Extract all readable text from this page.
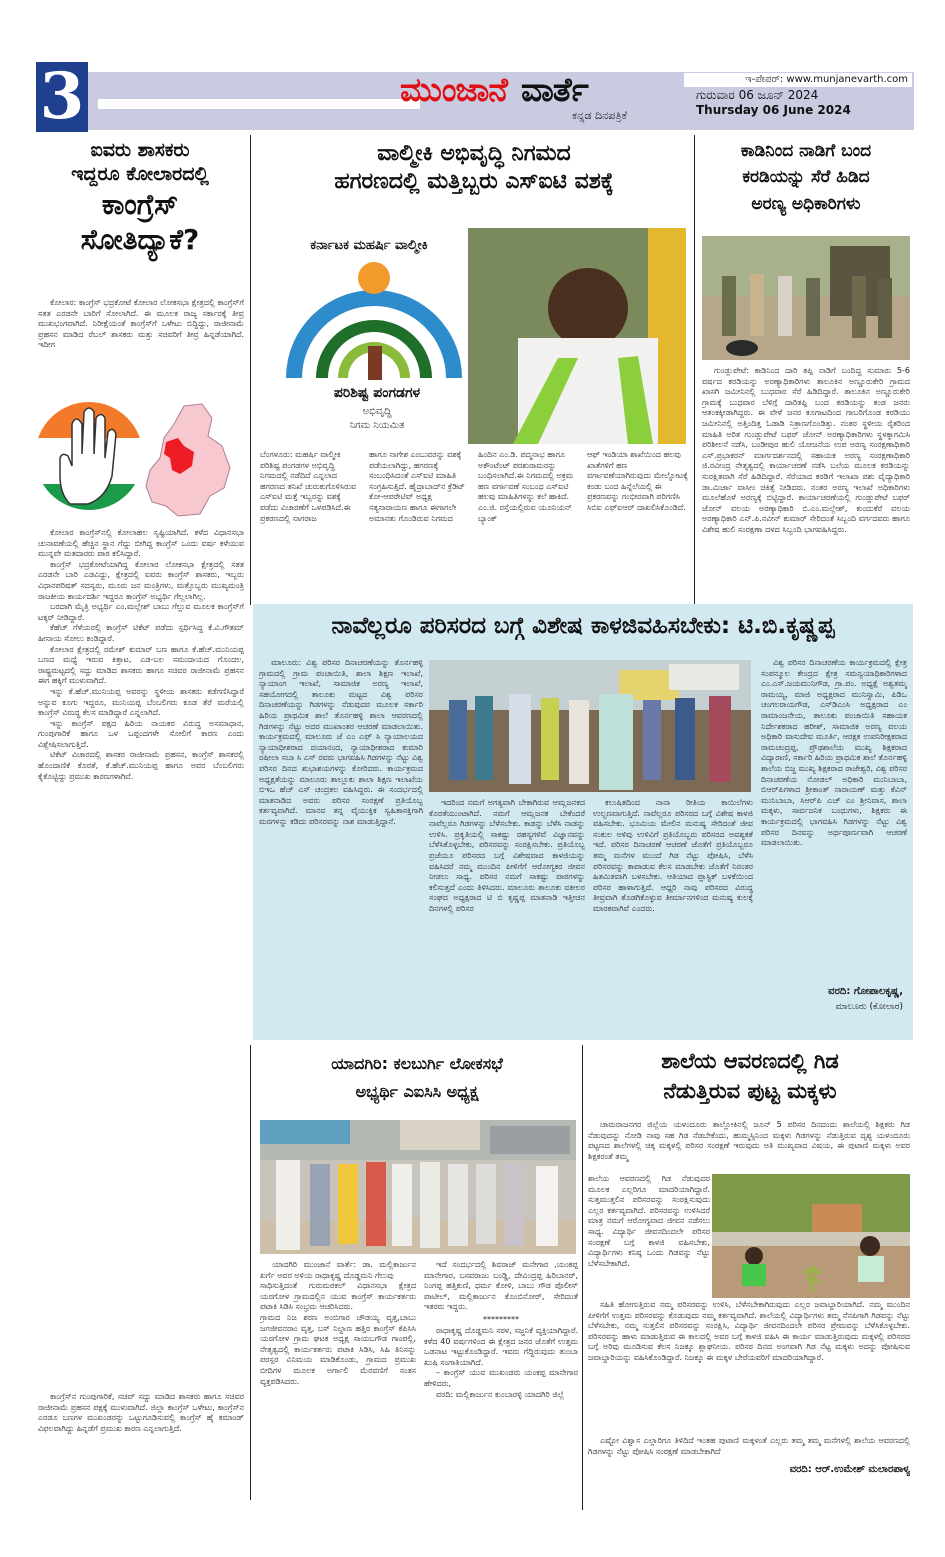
3	ಮುಂಜಾನೆ ವಾರ್ತೆ
ಕನ್ನಡ ದಿನಪತ್ರಿಕೆ
ಇ-ಪೇಪರ್: www.munjanevarth.com
ಗುರುವಾರ 06 ಜೂನ್ 2024
Thursday 06 June 2024
ಐವರು ಶಾಸಕರು
ಇದ್ದರೂ ಕೋಲಾರದಲ್ಲಿ
ಕಾಂಗ್ರೆಸ್
ಸೋತಿದ್ಯಾಕೆ?

ಕೋಲಾರ: ಕಾಂಗ್ರೆಸ್ ಭದ್ರಕೋಟೆ ಕೋಲಾರ ಲೋಕಸಭಾ ಕ್ಷೇತ್ರದಲ್ಲಿ ಕಾಂಗ್ರೆಸ್‌ಗೆ ಸತತ ಎರಡನೇ ಬಾರಿಗೆ ಸೋಲಾಗಿದೆ. ಈ ಮೂಲಕ ರಾಜ್ಯ ಸರ್ಕಾರಕ್ಕೆ ತೀವ್ರ ಮುಖಭಂಗವಾಗಿದೆ. ನಿರೀಕ್ಷೆಯಂತೆ ಕಾಂಗ್ರೆಸ್‌ಗೆ ಒಳೇಟು ಬಿದ್ದಿದ್ದು, ರಾಜೀನಾಮೆ ಪ್ರಹಸನ ಮಾಡಿದ ರೆಬಲ್ ಶಾಸಕರು ಮತ್ತು ಸಚಿವರಿಗೆ ತೀವ್ರ ಹಿನ್ನಡೆಯಾಗಿದೆ. ಇದೀಗ

ಕೋಲಾರ ಕಾಂಗ್ರೆಸ್‌ನಲ್ಲಿ ಕೋಲಾಹಲ ಸೃಷ್ಟಿಯಾಗಿದೆ. ಕಳೆದ ವಿಧಾನಸಭಾ ಚುನಾವಣೆಯಲ್ಲಿ ಹೆಚ್ಚಿನ ಸ್ಥಾನ ಗೆದ್ದು ಬೀಗಿದ್ದ ಕಾಂಗ್ರೆಸ್ ಒಂದು ವರ್ಷ ಕಳೆಯುವ ಮುನ್ನವೇ ಮತದಾರರು ಪಾಠ ಕಲಿಸಿದ್ದಾರೆ.

ಕಾಂಗ್ರೆಸ್ ಭದ್ರಕೋಟೆಯಾಗಿದ್ದ ಕೋಲಾರ ಲೋಕಸಭಾ ಕ್ಷೇತ್ರದಲ್ಲಿ ಸತತ ಎರಡನೇ ಬಾರಿ ಎಡವಿದ್ದು, ಕ್ಷೇತ್ರದಲ್ಲಿ ಐವರು ಕಾಂಗ್ರೆಸ್ ಶಾಸಕರು, ಇಬ್ಬರು ವಿಧಾನಪರಿಷತ್ ಸದಸ್ಯರು, ಮೂರು ಜನ ಮಂತ್ರಿಗಳು, ಮತ್ತೊಬ್ಬರು ಮುಖ್ಯಮಂತ್ರಿ ರಾಜಕೀಯ ಕಾರ್ಯದರ್ಶಿ ಇದ್ದರೂ ಕಾಂಗ್ರೆಸ್ ಅಭ್ಯರ್ಥಿ ಗೆಲ್ಲಲಾಗಿಲ್ಲ.

ಬರದಾಗಿ ಮೈತ್ರಿ ಅಭ್ಯರ್ಥಿ ಎಂ.ಮಲ್ಲೇಶ್ ಬಾಬು ಗೆಲ್ಲುವ ಮೂಲಕ ಕಾಂಗ್ರೆಸ್‌ಗೆ ಟಕ್ಕರ್ ನೀಡಿದ್ದಾರೆ.

ಕೆಹೆಚ್ ಗೆಳೆಯರಲ್ಲಿ ಕಾಂಗ್ರೆಸ್ ಟಿಕೆಟ್ ಪಡೆದು ಸ್ಪರ್ಧಿಸಿದ್ದ ಕೆ.ವಿ.ಗೌತಮ್ ಹೀನಾಯ ಸೋಲು ಕಂಡಿದ್ದಾರೆ.

ಕೋಲಾರ ಕ್ಷೇತ್ರದಲ್ಲಿ ರಮೇಶ್ ಕುಮಾರ್ ಬಣ ಹಾಗೂ ಕೆ.ಹೆಚ್.ಮುನಿಯಪ್ಪ ಬಣದ ಮಧ್ಯೆ ಇರುವ ಕಿತ್ತಾಟ, ಎಡ-ಬಲ ಸಮುದಾಯದ ಗೊಂದಲ, ರಾಷ್ಟ್ರಮಟ್ಟದಲ್ಲಿ ಸದ್ದು ಮಾಡಿದ ಶಾಸಕರು ಹಾಗೂ ಸಚಿವರ ರಾಜೀನಾಮೆ ಪ್ರಹಸನ ಈಗ ಹಕ್ಕಿಗೆ ಮುಳುವಾಗಿದೆ.

ಇನ್ನು ಕೆ.ಹೆಚ್.ಮುನಿಯಪ್ಪ ಅವರನ್ನು ಸ್ಥಳೀಯ ಶಾಸಕರು ಕಡೆಗಣಿಸಿದ್ದಾರೆ ಅನ್ನುವ ಕೂಗು ಇದ್ದರೂ, ಮುನಿಯಪ್ಪ ಬೆಂಬಲಿಗರು ಕೂಡ ತೆರೆ ಮರೆಯಲ್ಲಿ ಕಾಂಗ್ರೆಸ್ ವಿರುದ್ಧ ಕೆಲಸ ಮಾಡಿದ್ದಾರೆ ಎನ್ನಲಾಗಿದೆ.

ಇನ್ನು ಕಾಂಗ್ರೆಸ್ ಪಕ್ಷದ ಹಿರಿಯ ನಾಯಕರ ವಿರುದ್ಧ ಅಸಮಾಧಾನ, ಗುಂಪುಗಾರಿಕೆ ಹಾಗೂ ಒಳ ಒಪ್ಪಂದಗಳೇ ಸೋಲಿಗೆ ಕಾರಣ ಎಂದು ವಿಶ್ಲೇಷಿಸಲಾಗುತ್ತಿದೆ.

ಟಿಕೆಟ್ ವಿಚಾರದಲ್ಲಿ ಶಾಸಕರ ರಾಜೀನಾಮೆ ಪ್ರಹಸನ, ಕಾಂಗ್ರೆಸ್ ಶಾಸಕರಲ್ಲಿ ಹೊಂದಾಣಿಕೆ ಕೊರತೆ, ಕೆ.ಹೆಚ್.ಮುನಿಯಪ್ಪ ಹಾಗೂ ಅವರ ಬೆಂಬಲಿಗರು ಕೈಕೊಟ್ಟಿದ್ದು ಪ್ರಮುಖ ಕಾರಣಗಳಾಗಿವೆ.

ಕಾಂಗ್ರೆಸ್‌ನ ಗುಂಪುಗಾರಿಕೆ, ಸಚಿವ್ ಸದ್ದು ಮಾಡಿದ ಶಾಸಕರು ಹಾಗೂ ಸಚಿವರ ರಾಜೀನಾಮೆ ಪ್ರಹಸನ ಪಕ್ಷಕ್ಕೆ ಮುಳುವಾಗಿದೆ. ಜಿಲ್ಲಾ ಕಾಂಗ್ರೆಸ್ ಒಳೇಟು, ಕಾಂಗ್ರೆಸ್‌ನ ಎರಡೂ ಬಣಗಳ ಮುಖಂಡರನ್ನು ಒಟ್ಟುಗೂಡಿಸುವಲ್ಲಿ ಕಾಂಗ್ರೆಸ್ ಹೈ ಕಮಾಂಡ್ ವಿಫಲವಾಗಿದ್ದು ಹಿನ್ನಡೆಗೆ ಪ್ರಮುಖ ಕಾರಣ ಎನ್ನಲಾಗುತ್ತಿದೆ.

ವಾಲ್ಮೀಕಿ ಅಭಿವೃದ್ಧಿ ನಿಗಮದ
ಹಗರಣದಲ್ಲಿ ಮತ್ತಿಬ್ಬರು ಎಸ್‌ಐಟಿ ವಶಕ್ಕೆ
ಕರ್ನಾಟಕ ಮಹರ್ಷಿ ವಾಲ್ಮೀಕಿ
ಪರಿಶಿಷ್ಟ ಪಂಗಡಗಳ
ಅಭಿವೃದ್ಧಿ
ನಿಗಮ ನಿಯಮಿತ
ಬೆಂಗಳೂರು: ಮಹರ್ಷಿ ವಾಲ್ಮೀಕಿ ಪರಿಶಿಷ್ಟ ಪಂಗಡಗಳ ಅಭಿವೃದ್ಧಿ ನಿಗಮದಲ್ಲಿ ನಡೆದಿದೆ ಎನ್ನಲಾದ ಹಗರಣದ ತನಿಖೆ ಚುರುಕುಗೊಳಿಸಿರುವ ಎಸ್‌ಐಟಿ ಮತ್ತೆ ಇಬ್ಬರನ್ನು ವಶಕ್ಕೆ ಪಡೆದು ವಿಚಾರಣೆಗೆ ಒಳಪಡಿಸಿದೆ.ಈ ಪ್ರಕರಣದಲ್ಲಿ ನಾಗರಾಜ
ಹಾಗೂ ನಾಗೇಶ ಎಂಬುವರನ್ನು ವಶಕ್ಕೆ ಪಡೆಯಲಾಗಿದ್ದು, ಹಗರಣಕ್ಕೆ ಸಂಬಂಧಿಸಿದಂತೆ ಎಸ್‌ಐಟಿ ಮಾಹಿತಿ ಸಂಗ್ರಹಿಸುತ್ತಿದೆ. ಹೈದ್ರಾಬಾದ್‌ನ ಕ್ರೆಡಿಟ್ ಕೋ-ಆಪರೇಟಿವ್ ಅಧ್ಯಕ್ಷ ಸತ್ಯನಾರಾಯಣ ಹಾಗೂ ಈಗಾಗಲೇ ಅಮಾನತು ಗೊಂಡಿರುವ ನಿಗಮದ
ಹಿಂದಿನ ಎಂ.ಡಿ. ಪದ್ಮನಾಭ ಹಾಗೂ ಅಕೌಂಟೆಂಟ್ ಪರಶುರಾಮರನ್ನು ಬಂಧಿಸಲಾಗಿದೆ.ಈ ನಿಗಮದಲ್ಲಿ ಅಕ್ರಮ ಹಣ ವರ್ಗಾವಣೆ ಸಂಬಂಧ ಎಸ್‌ಐಟಿ ಹಲವು ಮಾಹಿತಿಗಳನ್ನು ಕಲೆ ಹಾಕಿದೆ. ಎಂ.ಜಿ. ರಸ್ತೆಯಲ್ಲಿರುವ ಯೂನಿಯನ್ ಬ್ಯಾಂಕ್
ಆಫ್ ಇಂಡಿಯಾ ಶಾಖೆಯಿಂದ ಹಲವು ಖಾತೆಗಳಿಗೆ ಹಣ ವರ್ಗಾವಣೆಯಾಗಿರುವುದು ಮೇಲ್ನೋಟಕ್ಕೆ ಕಂಡು ಬಂದ ಹಿನ್ನೆಲೆಯಲ್ಲಿ ಈ ಪ್ರಕರಣವನ್ನು ಗಂಭೀರವಾಗಿ ಪರಿಗಣಿಸಿ ಸಿಬಿಐ ಎಫ್‌ಐಆರ್ ದಾಖಲಿಸಿಕೊಂಡಿದೆ.
ಕಾಡಿನಿಂದ ನಾಡಿಗೆ ಬಂದ
ಕರಡಿಯನ್ನು ಸೆರೆ ಹಿಡಿದ
ಅರಣ್ಯ ಅಧಿಕಾರಿಗಳು

ಗುಂಡ್ಲುಪೇಟೆ: ಕಾಡಿನಿಂದ ದಾರಿ ತಪ್ಪಿ ನಾಡಿಗೆ ಬಂದಿದ್ದ ಸುಮಾರು 5-6 ವರ್ಷದ ಕರಡಿಯನ್ನು ಅರಣ್ಯಾಧಿಕಾರಿಗಳು ತಾಲೂಕಿನ ಅಣ್ಣೂರುಕೇರಿ ಗ್ರಾಮದ ಖಾಸಗಿ ಜಮೀನಿನಲ್ಲಿ ಬುಧವಾರ ಸೆರೆ ಹಿಡಿದಿದ್ದಾರೆ. ತಾಲೂಕಿನ ಅಣ್ಣೂರುಕೇರಿ ಗ್ರಾಮಕ್ಕೆ ಬುಧವಾರ ಬೆಳಿಗ್ಗೆ ದಾರಿತಪ್ಪಿ ಬಂದ ಕರಡಿಯನ್ನು ಕಂಡ ಜನರು ಆತಂಕಕ್ಕೀಡಾಗಿದ್ದರು. ಈ ವೇಳೆ ಜನರ ಕೂಗಾಟದಿಂದ ಗಾಬರಿಗೊಂಡ ಕರಡಿಯು ಜಮೀನಿನಲ್ಲಿ ಅತ್ತಿಂದಿತ್ತ ಓಡಾಡಿ ನಿತ್ರಾಣಗೊಂಡಿತ್ತು. ನಂತರ ಸ್ಥಳೀಯ ರೈತರಿಂದ ಮಾಹಿತಿ ಅರಿತ ಗುಂಡ್ಲುಪೇಟೆ ಬಫರ್ ಜೋನ್ ಅರಣ್ಯಾಧಿಕಾರಿಗಳು ಸ್ಥಳಕ್ಕಾಗಮಿಸಿ ಪರಿಶೀಲನೆ ನಡೆಸಿ, ಬಂಡೀಪುರ ಹುಲಿ ಯೋಜನೆಯ ಉಪ ಅರಣ್ಯ ಸಂರಕ್ಷಣಾಧಿಕಾರಿ ಎಸ್.ಪ್ರಭಾಕರನ್ ಮಾರ್ಗದರ್ಶನದಲ್ಲಿ ಸಹಾಯಕ ಅರಣ್ಯ ಸಂರಕ್ಷಣಾಧಿಕಾರಿ ಜಿ.ರವೀಂದ್ರ ನೇತೃತ್ವದಲ್ಲಿ ಕಾರ್ಯಾಚರಣೆ ನಡೆಸಿ ಬಲೆಯ ಮೂಲಕ ಕರಡಿಯನ್ನು ಸುರಕ್ಷಿತವಾಗಿ ಸೆರೆ ಹಿಡಿದಿದ್ದಾರೆ. ಸೆರೆಯಾದ ಕರಡಿಗೆ ಇಲಾಖಾ ಪಶು ವೈದ್ಯಾಧಿಕಾರಿ ಡಾ.ಮಿರ್ಜಾ ವಾಸೀಂ ಚಿಕಿತ್ಸೆ ನೀಡಿದರು. ನಂತರ ಅರಣ್ಯ ಇಲಾಖೆ ಅಧಿಕಾರಿಗಳು ಮೂಲೆಹೊಳೆ ಅರಣ್ಯಕ್ಕೆ ಬಿಟ್ಟಿದ್ದಾರೆ. ಕಾರ್ಯಾಚರಣೆಯಲ್ಲಿ ಗುಂಡ್ಲುಪೇಟೆ ಬಫರ್ ಜೋನ್ ವಲಯ ಅರಣ್ಯಾಧಿಕಾರಿ ಬಿ.ಎಂ.ಮಲ್ಲೇಶ್, ಕುಂದುಕೆರೆ ವಲಯ ಅರಣ್ಯಾಧಿಕಾರಿ ಎನ್.ಪಿ.ನವೀನ್ ಕುಮಾರ್ ಸೇರಿದಂತೆ ಸಿಬ್ಬಂದಿ ವರ್ಗದವರು ಹಾಗೂ ವಿಶೇಷ ಹುಲಿ ಸಂರಕ್ಷಣಾ ದಳದ ಸಿಬ್ಬಂದಿ ಭಾಗವಹಿಸಿದ್ದರು.

ನಾವೆಲ್ಲರೂ ಪರಿಸರದ ಬಗ್ಗೆ ವಿಶೇಷ ಕಾಳಜಿವಹಿಸಬೇಕು: ಟಿ.ಬಿ.ಕೃಷ್ಣಪ್ಪ

ಮಾಲೂರು: ವಿಶ್ವ ಪರಿಸರ ದಿನಾಚರಣೆಯನ್ನು ತೊರ್ನಹಳ್ಳಿ ಗ್ರಾಮದಲ್ಲಿ ಗ್ರಾಮ ಪಂಚಾಯಿತಿ, ಶಾಲಾ ಶಿಕ್ಷಣ ಇಲಾಖೆ, ನ್ಯಾಯಾಂಗ ಇಲಾಖೆ, ಸಾಮಾಜಿಕ ಅರಣ್ಯ ಇಲಾಖೆ, ಸಹಯೋಗದಲ್ಲಿ ತಾಲೂಕು ಮಟ್ಟದ ವಿಶ್ವ ಪರಿಸರ ದಿನಾಚರಣೆಯನ್ನು ಗಿಡಗಳನ್ನು ನೆಡುವುದರ ಮೂಲಕ ಸರ್ಕಾರಿ ಹಿರಿಯ ಪ್ರಾಥಮಿಕ ಶಾಲೆ ತೊರ್ನಹಳ್ಳಿ ಶಾಲಾ ಆವರಣದಲ್ಲಿ ಗಿಡಗಳನ್ನು ನೆಟ್ಟು ಅದರ ಮುಖಾಂತರ ಆಚರಣೆ ಮಾಡಲಾಯಿತು. ಕಾರ್ಯಕ್ರಮದಲ್ಲಿ ಮಾಲೂರು ಜೆ ಎಂ ಎಫ್ ಸಿ ನ್ಯಾಯಾಲಯದ ನ್ಯಾಯಾಧೀಶರಾದ ದಯಾನಂದ, ನ್ಯಾಯಾಧೀಶರಾದ ಕುಮಾರಿ ರಷೀಲಾ ಸಬಾ ಸಿ ಎಸ್ ರವರು ಭಾಗವಹಿಸಿ ಗಿಡಗಳನ್ನು ನೆಟ್ಟು ವಿಶ್ವ ಪರಿಸರ ದಿನದ ಶುಭಾಶಯಗಳನ್ನು ಕೋರಿದರು. ಕಾರ್ಯಕ್ರಮದ ಅಧ್ಯಕ್ಷತೆಯನ್ನು ಮಾಲೂರು ತಾಲ್ಲೂಕು ಶಾಲಾ ಶಿಕ್ಷಣ ಇಲಾಖೆಯ ಬಿಇಒ ಹೆಚ್ ಎಸ್ ಚಂದ್ರಕಲ ವಹಿಸಿದ್ದರು. ಈ ಸಂದರ್ಭದಲ್ಲಿ ಮಾತನಾಡಿದ ಅವರು ಪರಿಸರ ಸಂರಕ್ಷಣೆ ಪ್ರತಿಯೊಬ್ಬ ಕರ್ತವ್ಯವಾಗಿದೆ. ಮಾನವ ತನ್ನ ವೈಯುಕ್ತಿಕ ಸ್ವಹಿತಾಸಕ್ತಿಗಾಗಿ ಮರಗಳನ್ನು ಕಡಿದು ಪರಿಸರವನ್ನು ನಾಶ ಮಾಡುತ್ತಿದ್ದಾನೆ.

ಇದರಿಂದ ನಮಗೆ ಅಗತ್ಯವಾಗಿ ಬೇಕಾಗಿರುವ ಆಮ್ಲಜನಕದ ಕೊರತೆಯುಂಟಾಗಿದೆ. ನಮಗೆ ಆಮ್ಲಜನಕ ಬೇಕೆಂದರೆ ನಾವೆಲ್ಲರೂ ಗಿಡಗಳನ್ನು ಬೆಳೆಸಬೇಕು. ಕಾಡನ್ನು ಬೆಳೆಸಿ ನಾಡನ್ನು ಉಳಿಸಿ. ಪ್ರಕೃತಿಯಲ್ಲಿ ಸಾಕಷ್ಟು ರಹಸ್ಯಗಳಿವೆ ವಿಜ್ಞಾನವನ್ನು ಬೆಳೆಸಿಕೊಳ್ಳಬೇಕು, ಪರಿಸರವನ್ನು ಸಂರಕ್ಷಿಸಬೇಕು. ಪ್ರತಿಯೊಬ್ಬ ಪ್ರಜೆಯೂ ಪರಿಸರದ ಬಗ್ಗೆ ವಿಶೇಷವಾದ ಕಾಳಜಿಯನ್ನು ವಹಿಸಿದರೆ ನಮ್ಮ ಮುಂದಿನ ಪೀಳಿಗೆಗೆ ಆರೋಗ್ಯಕರ ಜೀವನ ನೀಡಲು ಸಾಧ್ಯ. ಪರಿಸರ ನಮಗೆ ಸಾಕಷ್ಟು ಪಾಠಗಳನ್ನು ಕಲಿಸುತ್ತದೆ ಎಂದು ತಿಳಿಸಿದರು. ಮಾಲೂರು ತಾಲೂಕು ವಕೀಲರ ಸಂಘದ ಅಧ್ಯಕ್ಷರಾದ ಟಿ ಬಿ ಕೃಷ್ಣಪ್ಪ ಮಾತನಾಡಿ ಇತ್ತೀಚಿನ ದಿನಗಳಲ್ಲಿ ಪರಿಸರ

ಕಲುಷಿತದಿಂದ ನಾನಾ ರೀತಿಯ ಕಾಯಿಲೆಗಳು ಉಲ್ಬಣವಾಗುತ್ತಿದೆ. ನಾವೆಲ್ಲರೂ ಪರಿಸರದ ಬಗ್ಗೆ ವಿಶೇಷ ಕಾಳಜಿ ವಹಿಸಬೇಕು. ಭೂಮಿಯ ಮೇಲಿನ ಮನುಷ್ಯ ಸೇರಿದಂತೆ ಜೀವ ಸಂಕುಲ ಅಳಿವು ಉಳಿವಿಗೆ ಪ್ರತಿಯೊಬ್ಬರು ಪರಿಸರದ ಅವಶ್ಯಕತೆ ಇದೆ. ಪರಿಸರ ದಿನಾಚರಣೆ ಆಚರಣೆ ಜೊತೆಗೆ ಪ್ರತಿಯೊಬ್ಬರೂ ತಮ್ಮ ಮನೆಗಳ ಮುಂದೆ ಗಿಡ ನೆಟ್ಟು ಪೋಷಿಸಿ, ಬೆಳೆಸಿ ಪರಿಸರವನ್ನು ಕಾಪಾಡುವ ಕೆಲಸ ಮಾಡಬೇಕು ಜೊತೆಗೆ ನಿರಂತರ ಹಿತಮಿತವಾಗಿ ಬಳಸಬೇಕು. ಆತಿಯಾದ ಪ್ಲಾಸ್ಟಿಕ್ ಬಳಕೆಯಿಂದ ಪರಿಸರ ಹಾಳಾಗುತ್ತಿದೆ. ಆಧ್ದರಿ ನಾವು ಪರಿಸರದ ವಿರುದ್ಧ ತೀವ್ರವಾಗಿ ತೊಡಗಿಕೊಳ್ಳುವ ತೀರ್ಮಾನಗಳಿಂದ ಮನುಷ್ಯ ಕುಲಕ್ಕೆ ಮಾರಕವಾಗಿವೆ ಎಂದರು.

ವಿಶ್ವ ಪರಿಸರ ದಿನಾಚರಣೆಯ ಕಾರ್ಯಕ್ರಮದಲ್ಲಿ ಕ್ಷೇತ್ರ ಸಂಪನ್ಮೂಲ ಕೇಂದ್ರದ ಕ್ಷೇತ್ರ ಸಮನ್ವಯಾಧಿಕಾರಿಗಳಾದ ಎಂ.ಎಸ್.ಜಯಮುನಿಗೌಡ, ಗ್ರಾ.ಪಂ. ಅಧ್ಯಕ್ಷೆ ಅಶ್ವತಮ್ಮ ರಾಮಯ್ಯ, ಮಾಜಿ ಅಧ್ಯಕ್ಷರಾದ ಮುನಿಸ್ವಾಮಿ, ಪಿಡಿಒ ಚಂಗಲರಾಯಗೌಡ, ಎಸ್‌ಡಿಎಂಸಿ ಅಧ್ಯಕ್ಷರಾದ ಎಂ ರಾಮಾಂಜನೇಯ, ತಾಲೂಕು ಪಂಚಾಯಿತಿ ಸಹಾಯಕ ನಿರ್ದೇಶಕರಾದ ಹರೀಶ್, ಸಾಮಾಜಿಕ ಅರಣ್ಯ ವಲಯ ಅಧಿಕಾರಿ ವಾಸುದೇವ ಮೂರ್ತಿ, ಆರಕ್ಷಕ ಉಪನಿರೀಕ್ಷಕರಾದ ರಾಮಚಂದ್ರಪ್ಪ, ಪ್ರೌಢಶಾಲೆಯ ಮುಖ್ಯ ಶಿಕ್ಷಕರಾದ ವಿದ್ಯಾರಾಣಿ, ಸರ್ಕಾರಿ ಹಿರಿಯ ಪ್ರಾಥಮಿಕ ಶಾಲೆ ತೊರ್ನಹಳ್ಳಿ ಶಾಲೆಯ ಬಿಜ್ಜ ಮುಖ್ಯ ಶಿಕ್ಷಕರಾದ ರಾಜೇಶ್ವರಿ, ವಿಶ್ವ ಪರಿಸರ ದಿನಾಚರಣೆಯ ನೋಡಲ್ ಅಧಿಕಾರಿ ಮುನಿಬಾಬಾ, ಬಿಆರ್‌ಪಿಗಳಾದ ಶ್ರೀಕಾಂತ್ ನಾರಾಯಣ್ ಮತ್ತು ಕೆವಿನ್ ಮುನಿಬಾಬಾ, ಸಿಆರ್‌ಪಿ ಎಚ್ ಎಂ ಶ್ರೀನಿವಾಸ, ಶಾಲಾ ಮಕ್ಕಳು, ಸಾರ್ವಜನಿಕ ಬಂಧುಗಳು, ಶಿಕ್ಷಕರು ಈ ಕಾರ್ಯಕ್ರಮದಲ್ಲಿ ಭಾಗವಹಿಸಿ ಗಿಡಗಳನ್ನು ನೆಟ್ಟು ವಿಶ್ವ ಪರಿಸರ ದಿನವನ್ನು ಅರ್ಥಪೂರ್ಣವಾಗಿ ಆಚರಣೆ ಮಾಡಲಾಯಿತು.

ವರದಿ: ಗೋಪಾಲಕೃಷ್ಣ,
ಮಾಲೂರು (ಕೋಲಾರ)
ಯಾದಗಿರಿ: ಕಲಬುರ್ಗಿ ಲೋಕಸಭೆ
ಅಭ್ಯರ್ಥಿ ಎಐಸಿಸಿ ಅಧ್ಯಕ್ಷ

ಯಾದಗಿರಿ ಮುಂಜಾನೆ ವಾರ್ತೆ: ಡಾ. ಮಲ್ಲಿಕಾರ್ಜುನ ಖರ್ಗೆ ಅವರ ಅಳಿಯ ರಾಧಾಕೃಷ್ಣ ದೊಡ್ಡಮನಿ ಗೆಲುವು
ಸಾಧಿಸುತ್ತಿದಂತೆ ಗುರುಮಠಕಲ್ ವಿಧಾನಸಭಾ ಕ್ಷೇತ್ರದ ಯರಗೋಳ ಗ್ರಾಮದಲ್ಲಿನ ಯುವ ಕಾಂಗ್ರೆಸ್ ಕಾರ್ಯಕರ್ತರು ಪಟಾಕಿ ಸಿಡಿಸಿ ಸಂಭ್ರಮ ಆಚರಿಸಿದರು.
ಗ್ರಾಮದ ನಿಜ ಶರಣ ಅಂಬಿಗಾರ ಚೌಡಯ್ಯ ವೃತ್ತ,ಬಾಬು ಜಗಜೀವನರಾಂ ವೃತ್ತ, ಬಸ್ ನಿಲ್ದಾಣ ಹತ್ತಿರ ಕಾಂಗ್ರೆಸ್ ಕೆಪಿಸಿಸಿ ಯರಗೋಳ ಗ್ರಾಮ ಘಟಕ ಅಧ್ಯಕ್ಷ ಸಾಯಬಗೌಡ ಗಾಂಪಲ್ಲಿ, ನೇತೃತ್ವದಲ್ಲಿ ಕಾರ್ಯಕರ್ತರು ಪಟಾಕಿ ಸಿಡಿಸಿ, ಸಿಹಿ ತಿನಿಸನ್ನು ಪರಸ್ಪರ ವಿನಿಮಯ ಮಾಡಿಕೊಂಡು, ಗ್ರಾಮದ ಪ್ರಮುಖ ಬೀದಿಗಳ ಮೂಲಕ ಅರ್ಗಾಲಿ ಮೆರವಣಿಗೆ ಸಂತಸ ವ್ಯಕ್ತಪಡಿಸಿದರು.

ಇದೆ ಸಂದರ್ಭದಲ್ಲಿ ಶಿವರಾಜ್ ಮನೇಗಾರ ,ಯಂಕಪ್ಪ ಮಾನೇಗಾರ, ಬಸವರಾಜು ಬಂಡ್ಡಿ, ದೇವಿಂದ್ರಪ್ಪ ಹಿರಿಬಾನರ್, ನಿಂಗಪ್ಪ ಹತ್ತಿಕುಣಿ, ಧರ್ಮ ಕೋಳಿ, ಬಾಬು ಗೌಡ ಪೊಲೀಸ್ ಪಾಟೀಲ್, ಮಲ್ಲಿಕಾರ್ಜುನ ಕೊಂಬಿನೋರ್, ಸೇರಿದಂತೆ ಇತರರು ಇದ್ದರು.

*********

ರಾಧಾಕೃಷ್ಣ ದೊಡ್ಡಮನಿ ಸರಳ, ಸಜ್ಜನಿಕೆ ವ್ಯಕ್ತಿಯಾಗಿದ್ದಾರೆ. ಕಳೆದ 40 ವರ್ಷಗಳಿಂದ ಈ ಕ್ಷೇತ್ರದ ಜನರ ಜೊತೆಗೆ ಉತ್ತಮ ಒಡನಾಟ ಇಟ್ಟುಕೊಂಡಿದ್ದಾರೆ. ಇವರು ಗೆದ್ದಿರುವುದು ತುಂಬಾ ಖುಷಿ ಸಂಗಾತಿಯಾಗಿದೆ.

– ಕಾಂಗ್ರೆಸ್ ಯುವ ಮುಖಂಡರು ಯಂಕಪ್ಪ ಮಾನೇಗಾರ ಹೇಳಿದರು,

ವರದಿ: ಮಲ್ಲಿಕಾರ್ಜುನ ಕುಂಬಾರಳ್ಳಿ ಯಾದಗಿರಿ ಜಿಲ್ಲೆ

ಶಾಲೆಯ ಆವರಣದಲ್ಲಿ ಗಿಡ
ನೆಡುತ್ತಿರುವ ಪುಟ್ಟ ಮಕ್ಕಳು

ಚಾಮರಾಜನಗರ ಜಿಲ್ಲೆಯ ಯಳಂದೂರು ತಾಲ್ಲೋಕಿನಲ್ಲಿ ಜೂನ್ 5 ಪರಿಸರ ದಿನದಂದು ಶಾಲೆಯಲ್ಲಿ ಶಿಕ್ಷಕರು ಗಿಡ ನೆಡುವುದನ್ನು ನೋಡಿ ನಾವು ಸಹ ಗಿಡ ನೆಡಬೇಕೆಂದು, ಹುಮ್ಮಸ್ಸಿನಿಂದ ಮಕ್ಕಳು ಗಿಡಗಳನ್ನು ನೆಡುತ್ತಿರುವ ದೃಶ್ಯ ಯಳಂದೂರು ಪಟ್ಟಣದ ಶಾಲೆಗಳಲ್ಲಿ ಚಿಕ್ಕ ಮಕ್ಕಳಲ್ಲಿ ಪರಿಸರ ಸಂರಕ್ಷಣೆ ಇರುವುದು ಅತಿ ಮುಖ್ಯವಾದ ವಿಷಯ, ಈ ಪುಟಾಣಿ ಮಕ್ಕಳು ಅವರ ಶಿಕ್ಷಕರಂತೆ ತಮ್ಮ

ಶಾಲೆಯ ಆವರಣದಲ್ಲಿ ಗಿಡ ನೆಡುವುದರ ಮೂಲಕ ಎಲ್ಲರಿಗೂ ಮಾದರಿಯಾಗಿದ್ದಾರೆ. ಸುತ್ತಮುತ್ತಲಿನ ಪರಿಸರವನ್ನು ಸಂರಕ್ಷಿಸುವುದು ಎಲ್ಲರ ಕರ್ತವ್ಯವಾಗಿದೆ. ಪರಿಸರವನ್ನು ಉಳಿಸಿದರೆ ಮಾತ್ರ ನಮಗೆ ಆರೋಗ್ಯವಾದ ಜೀವನ ನಡೆಸಲು ಸಾಧ್ಯ. ವಿದ್ಯಾರ್ಥಿ ಜೀವನದಿಂದಲೇ ಪರಿಸರ ಸಂರಕ್ಷಣೆ ಬಗ್ಗೆ ಕಾಳಜಿ ವಹಿಸಬೇಕು, ವಿದ್ಯಾರ್ಥಿಗಳು ಕನಿಷ್ಠ ಒಂದು ಗಿಡವನ್ನು ನೆಟ್ಟು ಬೆಳೆಸಬೇಕಾಗಿದೆ.

ಸಹಿತಿ ಹೋಗುತ್ತಿರುವ ನಮ್ಮ ಪರಿಸರವನ್ನು ಉಳಿಸಿ, ಬೆಳೆಸಬೇಕಾಗಿರುವುದು ಎಲ್ಲರ ಜವಾಬ್ದಾರಿಯಾಗಿದೆ. ನಮ್ಮ ಮುಂದಿನ ಪೀಳಿಗೆಗೆ ಉತ್ತಮ ಪರಿಸರವನ್ನು ಕೊಡುವುದು ನಮ್ಮ ಕರ್ತವ್ಯವಾಗಿದೆ. ಶಾಲೆಯಲ್ಲಿ ವಿದ್ಯಾರ್ಥಿಗಳು ತಮ್ಮ ನೆನಪಿಗಾಗಿ ಗಿಡವನ್ನು ನೆಟ್ಟು ಬೆಳೆಸಬೇಕು, ನಮ್ಮ ಸುತ್ತಲಿನ ಪರಿಸರವನ್ನು ಸಂರಕ್ಷಿಸಿ, ವಿದ್ಯಾರ್ಥಿ ಜೀವನದಿಂದಲೇ ಪರಿಸರ ಪ್ರೇಮವನ್ನು ಬೆಳೆಸಿಕೊಳ್ಳಬೇಕು. ಪರಿಸರವನ್ನು ಹಾಳು ಮಾಡುತ್ತಿರುವ ಈ ಕಾಲದಲ್ಲಿ ಅವರ ಬಗ್ಗೆ ಕಾಳಜಿ ವಹಿಸಿ ಈ ಕಾರ್ಯ ಮಾಡುತ್ತಿರುವುದು ಮಕ್ಕಳಲ್ಲಿ ಪರಿಸರದ ಬಗ್ಗೆ ಅರಿವು ಮೂಡಿಸುವ ಕೆಲಸ ನಿಜಕ್ಕೂ ಶ್ಲಾಘನೀಯ. ಪರಿಸರ ದಿನದ ಅಂಗವಾಗಿ ಗಿಡ ನೆಟ್ಟ ಮಕ್ಕಳು ಅದನ್ನು ಪೋಷಿಸುವ ಜವಾಬ್ದಾರಿಯನ್ನು ವಹಿಸಿಕೊಂಡಿದ್ದಾರೆ. ನಿಜಕ್ಕೂ ಈ ಮಕ್ಕಳ ಬೇರೆಯವರಿಗೆ ಮಾದರಿಯಾಗಿದ್ದಾರೆ.

ಎಷ್ಟೋ ವಿಶ್ವಾಸ ಎಲ್ಲಾರಿಗೂ ತಿಳಿದಿದೆ ಇಂತಹ ಪುಟಾಣಿ ಮಕ್ಕಳಂತೆ ಎಲ್ಲರು ತಮ್ಮ ತಮ್ಮ ಮನೆಗಳಲ್ಲಿ ಶಾಲೆಯ ಆವರಣದಲ್ಲಿ ಗಿಡಗಳನ್ನು ನೆಟ್ಟು ಪೋಷಿಸಿ ಸಂರಕ್ಷಣೆ ಮಾಡಬೇಕಾಗಿದೆ

ವರದಿ: ಆರ್.ಉಮೇಶ್ ಮಲಾರಪಾಳ್ಯ
